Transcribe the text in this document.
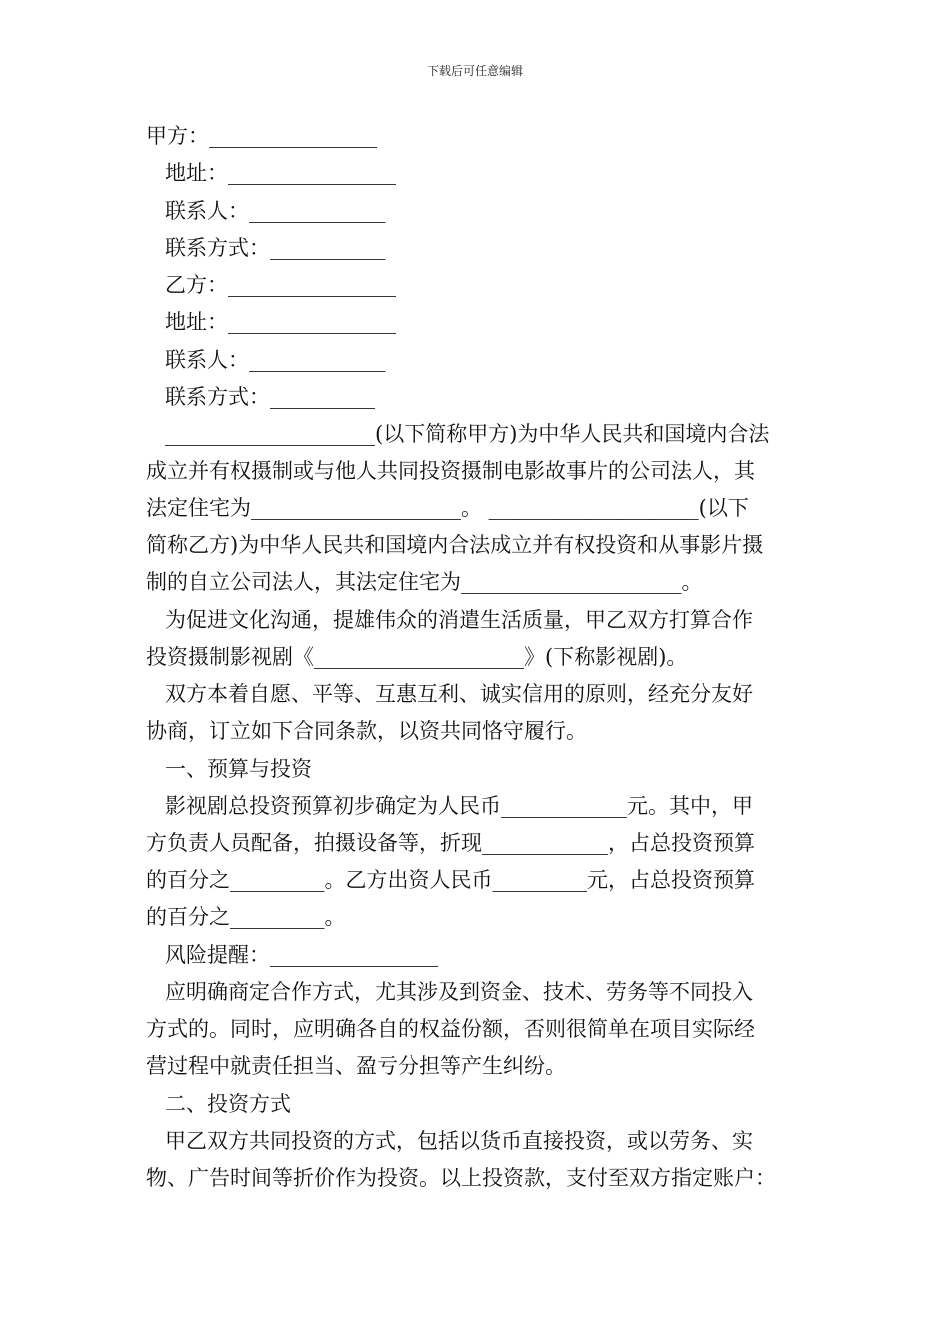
下载后可任意编辑
甲方：________________
地址：________________
联系人：_____________
联系方式：___________
乙方：________________
地址：________________
联系人：_____________
联系方式：__________
____________________(以下简称甲方)为中华人民共和国境内合法
成立并有权摄制或与他人共同投资摄制电影故事片的公司法人，其
法定住宅为____________________。 ____________________(以下
简称乙方)为中华人民共和国境内合法成立并有权投资和从事影片摄
制的自立公司法人，其法定住宅为_____________________。
为促进文化沟通，提雄伟众的消遣生活质量，甲乙双方打算合作
投资摄制影视剧《____________________》(下称影视剧)。
双方本着自愿、平等、互惠互利、诚实信用的原则，经充分友好
协商，订立如下合同条款，以资共同恪守履行。
一、预算与投资
影视剧总投资预算初步确定为人民币____________元。其中，甲
方负责人员配备，拍摄设备等，折现____________，占总投资预算
的百分之_________。乙方出资人民币_________元，占总投资预算
的百分之_________。
风险提醒：________________
应明确商定合作方式，尤其涉及到资金、技术、劳务等不同投入
方式的。同时，应明确各自的权益份额，否则很简单在项目实际经
营过程中就责任担当、盈亏分担等产生纠纷。
二、投资方式
甲乙双方共同投资的方式，包括以货币直接投资，或以劳务、实
物、广告时间等折价作为投资。以上投资款，支付至双方指定账户：
